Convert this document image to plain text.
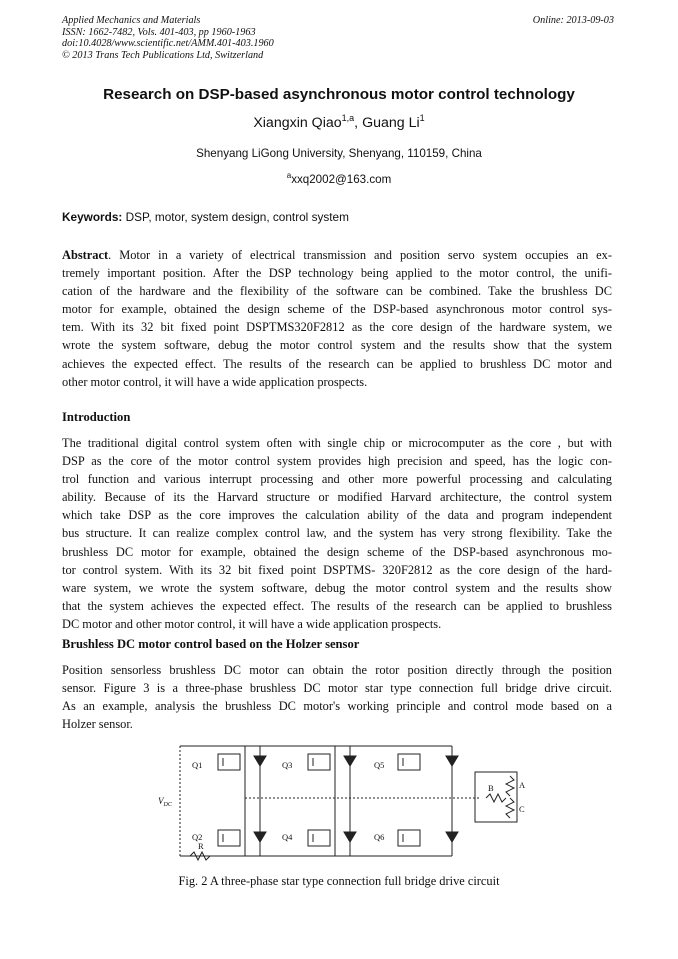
Applied Mechanics and Materials
ISSN: 1662-7482, Vols. 401-403, pp 1960-1963
doi:10.4028/www.scientific.net/AMM.401-403.1960
© 2013 Trans Tech Publications Ltd, Switzerland
Online: 2013-09-03
Research on DSP-based asynchronous motor control technology
Xiangxin Qiao$^{1,a}$, Guang Li$^1$
Shenyang LiGong University, Shenyang, 110159, China
$^a$xxq2002@163.com
Keywords: DSP, motor, system design, control system
Abstract. Motor in a variety of electrical transmission and position servo system occupies an ex-
tremely important position. After the DSP technology being applied to the motor control, the unifi-
cation of the hardware and the flexibility of the software can be combined. Take the brushless DC
motor for example, obtained the design scheme of the DSP-based asynchronous motor control sys-
tem. With its 32 bit fixed point DSPTMS320F2812 as the core design of the hardware system, we
wrote the system software, debug the motor control system and the results show that the system
achieves the expected effect. The results of the research can be applied to brushless DC motor and
other motor control, it will have a wide application prospects.
Introduction
The traditional digital control system often with single chip or microcomputer as the core , but with
DSP as the core of the motor control system provides high precision and speed, has the logic con-
trol function and various interrupt processing and other more powerful processing and calculating
ability. Because of its the Harvard structure or modified Harvard architecture, the control system
which take DSP as the core improves the calculation ability of the data and program independent
bus structure. It can realize complex control law, and the system has very strong flexibility. Take the
brushless DC motor for example, obtained the design scheme of the DSP-based asynchronous mo-
tor control system. With its 32 bit fixed point DSPTMS- 320F2812 as the core design of the hard-
ware system, we wrote the system software, debug the motor control system and the results show
that the system achieves the expected effect. The results of the research can be applied to brushless
DC motor and other motor control, it will have a wide application prospects.
Brushless DC motor control based on the Holzer sensor
Position sensorless brushless DC motor can obtain the rotor position directly through the position
sensor. Figure 3 is a three-phase brushless DC motor star type connection full bridge drive circuit.
As an example, analysis the brushless DC motor's working principle and control mode based on a
Holzer sensor.
Q1
Q2
Q3
Q4
Q5
Q6
$V_{DC}$
R
A
B
C
Fig. 2 A three-phase star type connection full bridge drive circuit
